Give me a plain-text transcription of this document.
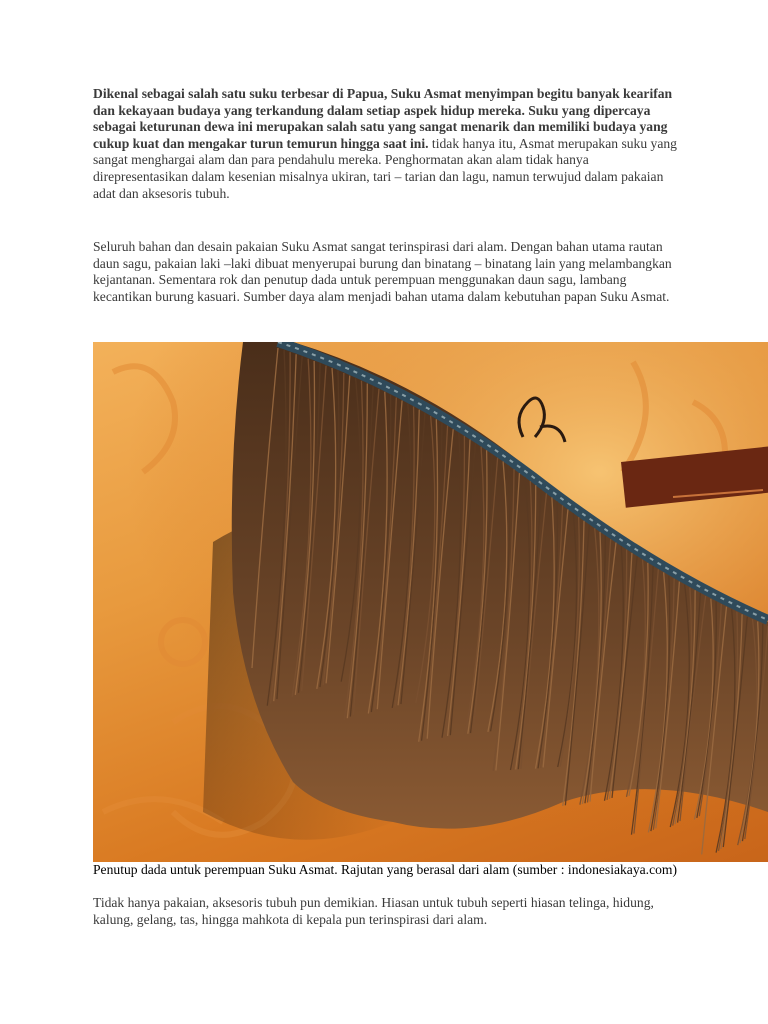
Dikenal sebagai salah satu suku terbesar di Papua, Suku Asmat menyimpan begitu banyak kearifan dan kekayaan budaya yang terkandung dalam setiap aspek hidup mereka. Suku yang dipercaya sebagai keturunan dewa ini merupakan salah satu yang sangat menarik dan memiliki budaya yang cukup kuat dan mengakar turun temurun hingga saat ini. tidak hanya itu, Asmat merupakan suku yang sangat menghargai alam dan para pendahulu mereka. Penghormatan akan alam tidak hanya direpresentasikan dalam kesenian misalnya ukiran, tari – tarian dan lagu, namun terwujud dalam pakaian adat dan aksesoris tubuh.

Seluruh bahan dan desain pakaian Suku Asmat sangat terinspirasi dari alam. Dengan bahan utama rautan daun sagu, pakaian laki –laki dibuat menyerupai burung dan binatang – binatang lain yang melambangkan kejantanan. Sementara rok dan penutup dada untuk perempuan menggunakan daun sagu, lambang kecantikan burung kasuari. Sumber daya alam menjadi bahan utama dalam kebutuhan papan Suku Asmat.

Penutup dada untuk perempuan Suku Asmat. Rajutan yang berasal dari alam (sumber : indonesiakaya.com)

Tidak hanya pakaian, aksesoris tubuh pun demikian. Hiasan untuk tubuh seperti hiasan telinga, hidung, kalung, gelang, tas, hingga mahkota di kepala pun terinspirasi dari alam.
